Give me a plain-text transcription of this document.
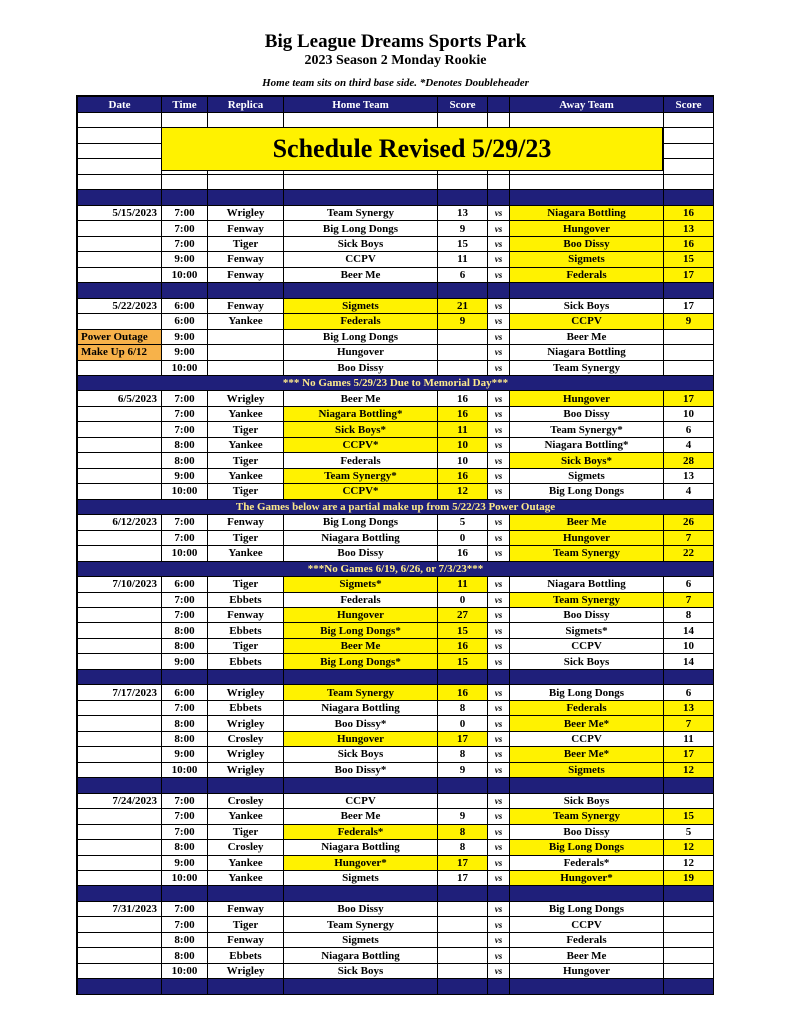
Big League Dreams Sports Park
2023 Season 2 Monday Rookie
Home team sits on third base side. *Denotes Doubleheader
Date	Time	Replica	Home Team	Score		Away Team	Score

5/15/2023	7:00	Wrigley	Team Synergy	13	vs	Niagara Bottling	16
	7:00	Fenway	Big Long Dongs	9	vs	Hungover	13
	7:00	Tiger	Sick Boys	15	vs	Boo Dissy	16
	9:00	Fenway	CCPV	11	vs	Sigmets	15
	10:00	Fenway	Beer Me	6	vs	Federals	17

5/22/2023	6:00	Fenway	Sigmets	21	vs	Sick Boys	17
	6:00	Yankee	Federals	9	vs	CCPV	9
Power Outage	9:00		Big Long Dongs		vs	Beer Me	
Make Up 6/12	9:00		Hungover		vs	Niagara Bottling	
	10:00		Boo Dissy		vs	Team Synergy	
*** No Games 5/29/23 Due to Memorial Day***							
6/5/2023	7:00	Wrigley	Beer Me	16	vs	Hungover	17
	7:00	Yankee	Niagara Bottling*	16	vs	Boo Dissy	10
	7:00	Tiger	Sick Boys*	11	vs	Team Synergy*	6
	8:00	Yankee	CCPV*	10	vs	Niagara Bottling*	4
	8:00	Tiger	Federals	10	vs	Sick Boys*	28
	9:00	Yankee	Team Synergy*	16	vs	Sigmets	13
	10:00	Tiger	CCPV*	12	vs	Big Long Dongs	4
The Games below are a partial make up from 5/22/23 Power Outage							
6/12/2023	7:00	Fenway	Big Long Dongs	5	vs	Beer Me	26
	7:00	Tiger	Niagara Bottling	0	vs	Hungover	7
	10:00	Yankee	Boo Dissy	16	vs	Team Synergy	22
***No Games 6/19, 6/26, or 7/3/23***							
7/10/2023	6:00	Tiger	Sigmets*	11	vs	Niagara Bottling	6
	7:00	Ebbets	Federals	0	vs	Team Synergy	7
	7:00	Fenway	Hungover	27	vs	Boo Dissy	8
	8:00	Ebbets	Big Long Dongs*	15	vs	Sigmets*	14
	8:00	Tiger	Beer Me	16	vs	CCPV	10
	9:00	Ebbets	Big Long Dongs*	15	vs	Sick Boys	14

7/17/2023	6:00	Wrigley	Team Synergy	16	vs	Big Long Dongs	6
	7:00	Ebbets	Niagara Bottling	8	vs	Federals	13
	8:00	Wrigley	Boo Dissy*	0	vs	Beer Me*	7
	8:00	Crosley	Hungover	17	vs	CCPV	11
	9:00	Wrigley	Sick Boys	8	vs	Beer Me*	17
	10:00	Wrigley	Boo Dissy*	9	vs	Sigmets	12

7/24/2023	7:00	Crosley	CCPV		vs	Sick Boys	
	7:00	Yankee	Beer Me	9	vs	Team Synergy	15
	7:00	Tiger	Federals*	8	vs	Boo Dissy	5
	8:00	Crosley	Niagara Bottling	8	vs	Big Long Dongs	12
	9:00	Yankee	Hungover*	17	vs	Federals*	12
	10:00	Yankee	Sigmets	17	vs	Hungover*	19

7/31/2023	7:00	Fenway	Boo Dissy		vs	Big Long Dongs	
	7:00	Tiger	Team Synergy		vs	CCPV	
	8:00	Fenway	Sigmets		vs	Federals	
	8:00	Ebbets	Niagara Bottling		vs	Beer Me	
	10:00	Wrigley	Sick Boys		vs	Hungover	

Schedule Revised 5/29/23
